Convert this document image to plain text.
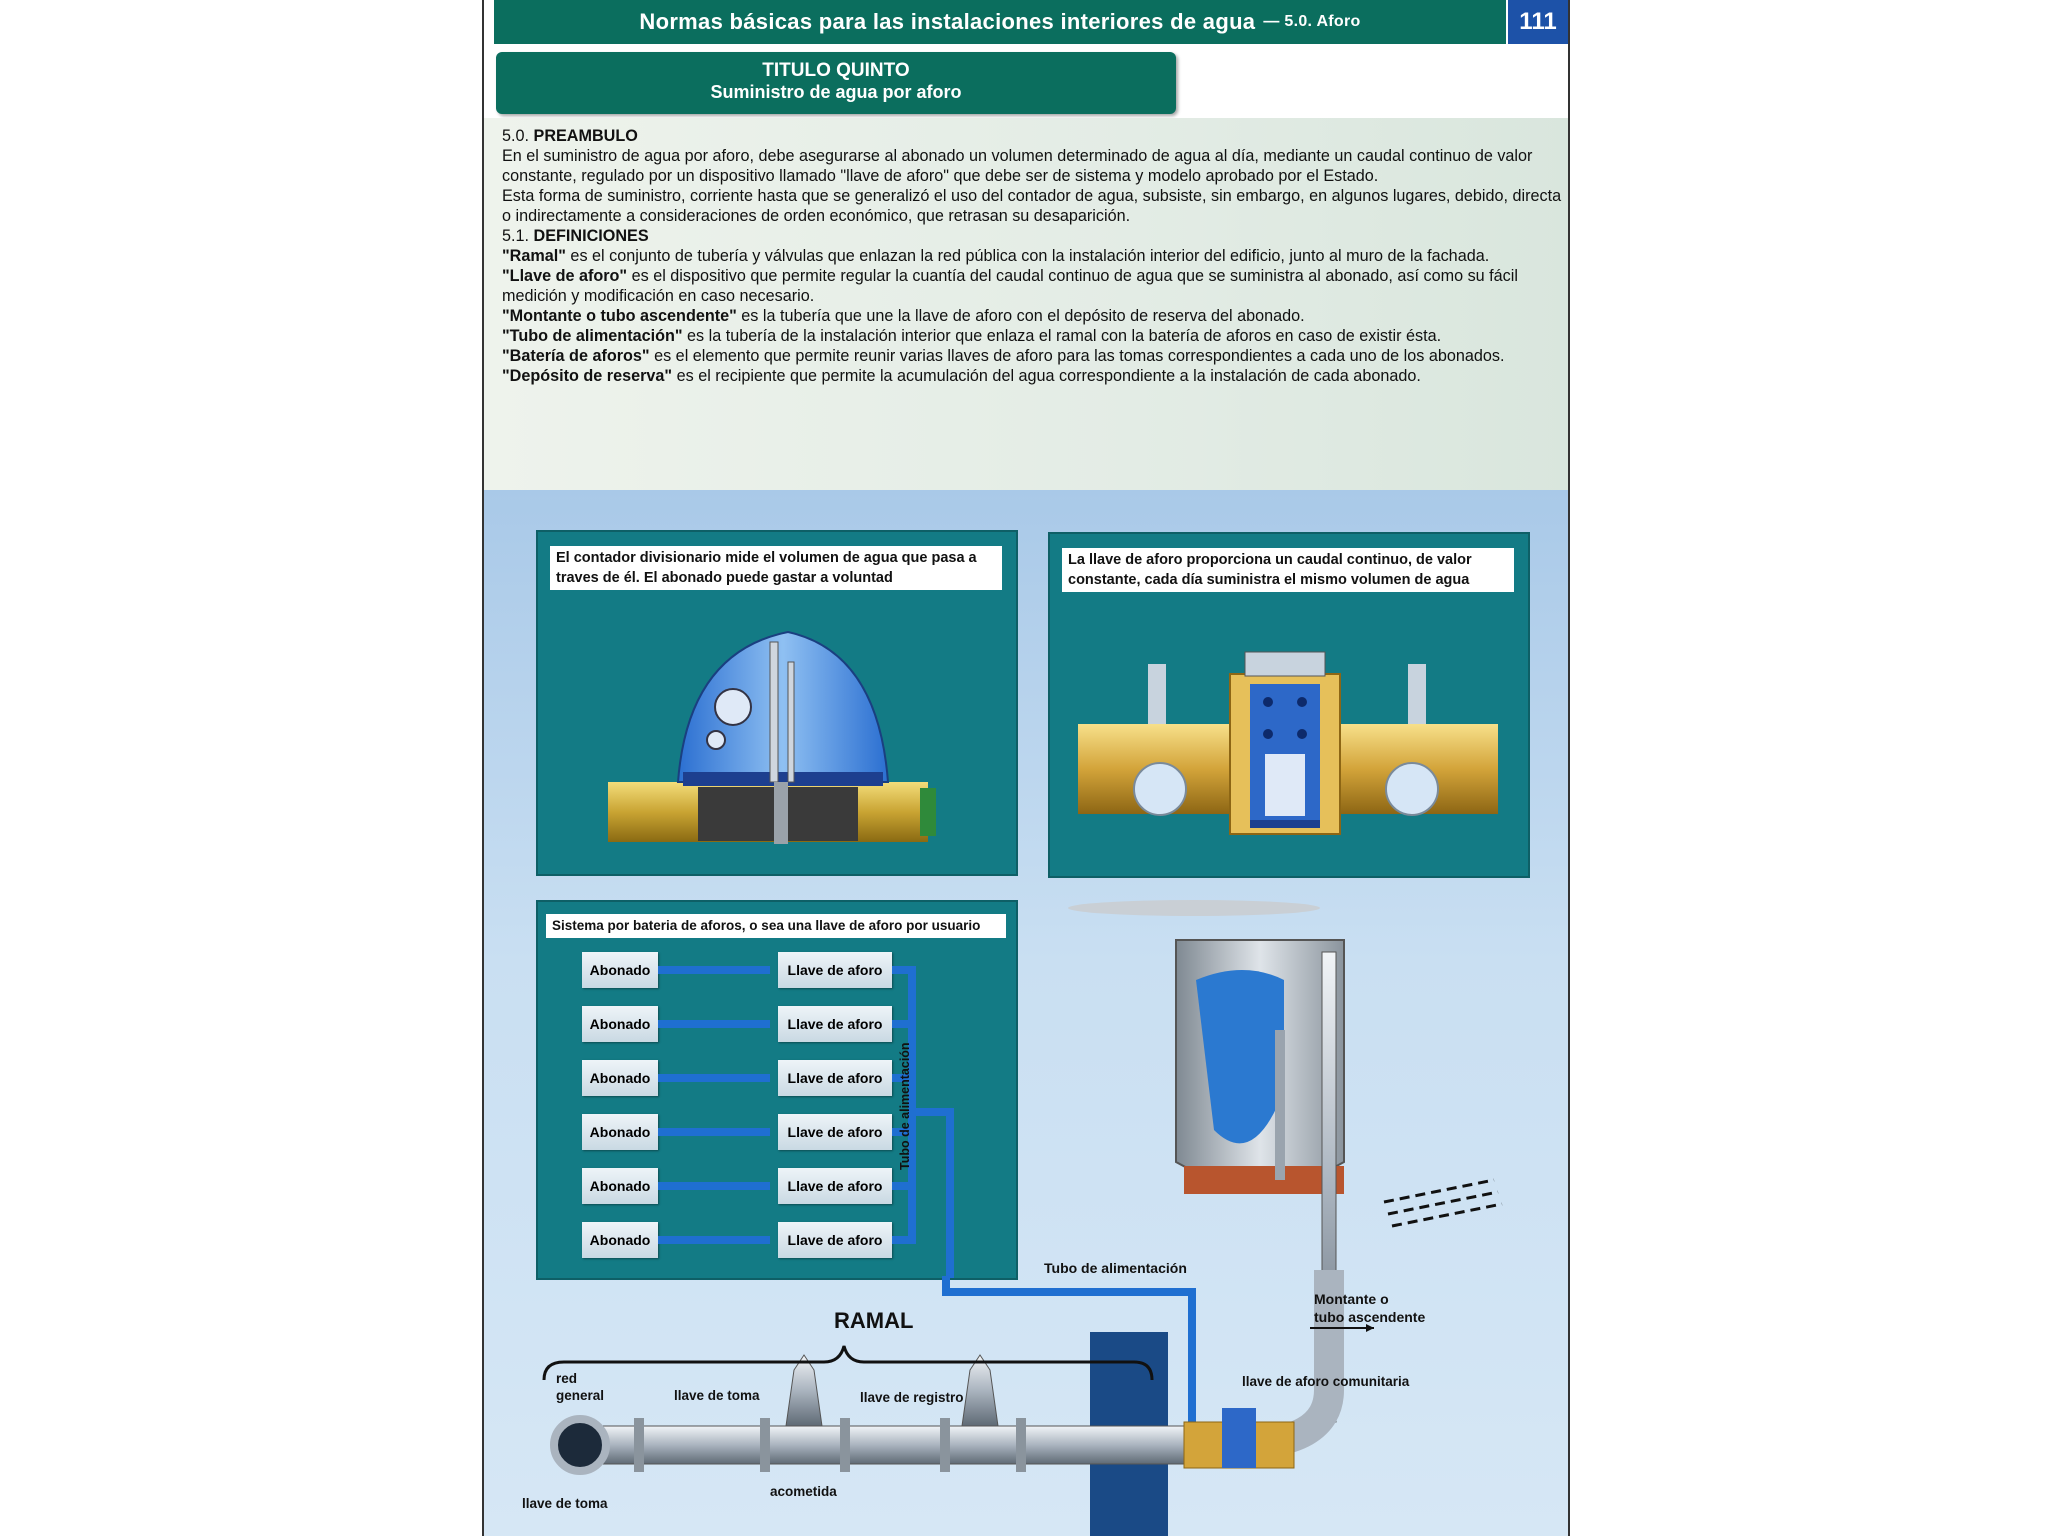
Normas básicas para las instalaciones interiores de agua — 5.0. Aforo	111
TITULO QUINTO
Suministro de agua por aforo

5.0. PREAMBULO

En el suministro de agua por aforo, debe asegurarse al abonado un volumen determinado de agua al día, mediante un caudal continuo de valor constante, regulado por un dispositivo llamado "llave de aforo" que debe ser de sistema y modelo aprobado por el Estado.

Esta forma de suministro, corriente hasta que se generalizó el uso del contador de agua, subsiste, sin embargo, en algunos lugares, debido, directa o indirectamente a consideraciones de orden económico, que retrasan su desaparición.

5.1. DEFINICIONES

"Ramal" es el conjunto de tubería y válvulas que enlazan la red pública con la instalación interior del edificio, junto al muro de la fachada.

"Llave de aforo" es el dispositivo que permite regular la cuantía del caudal continuo de agua que se suministra al abonado, así como su fácil medición y modificación en caso necesario.

"Montante o tubo ascendente" es la tubería que une la llave de aforo con el depósito de reserva del abonado.

"Tubo de alimentación" es la tubería de la instalación interior que enlaza el ramal con la batería de aforos en caso de existir ésta.

"Batería de aforos" es el elemento que permite reunir varias llaves de aforo para las tomas correspondientes a cada uno de los abonados.

"Depósito de reserva" es el recipiente que permite la acumulación del agua correspondiente a la instalación de cada abonado.

El contador divisionario mide el volumen de agua que pasa a traves de él. El abonado puede gastar a voluntad
La llave de aforo proporciona un caudal continuo, de valor constante, cada día suministra el mismo volumen de agua
Sistema por bateria de aforos, o sea una llave de aforo por usuario
Abonado	Llave de aforo
Abonado	Llave de aforo
Abonado	Llave de aforo
Abonado	Llave de aforo
Abonado	Llave de aforo
Abonado	Llave de aforo
Tubo de alimentación
Tubo de alimentación
Montante o
tubo ascendente
RAMAL
red
general	llave de toma	llave de registro
llave de aforo comunitaria
acometida
llave de toma
